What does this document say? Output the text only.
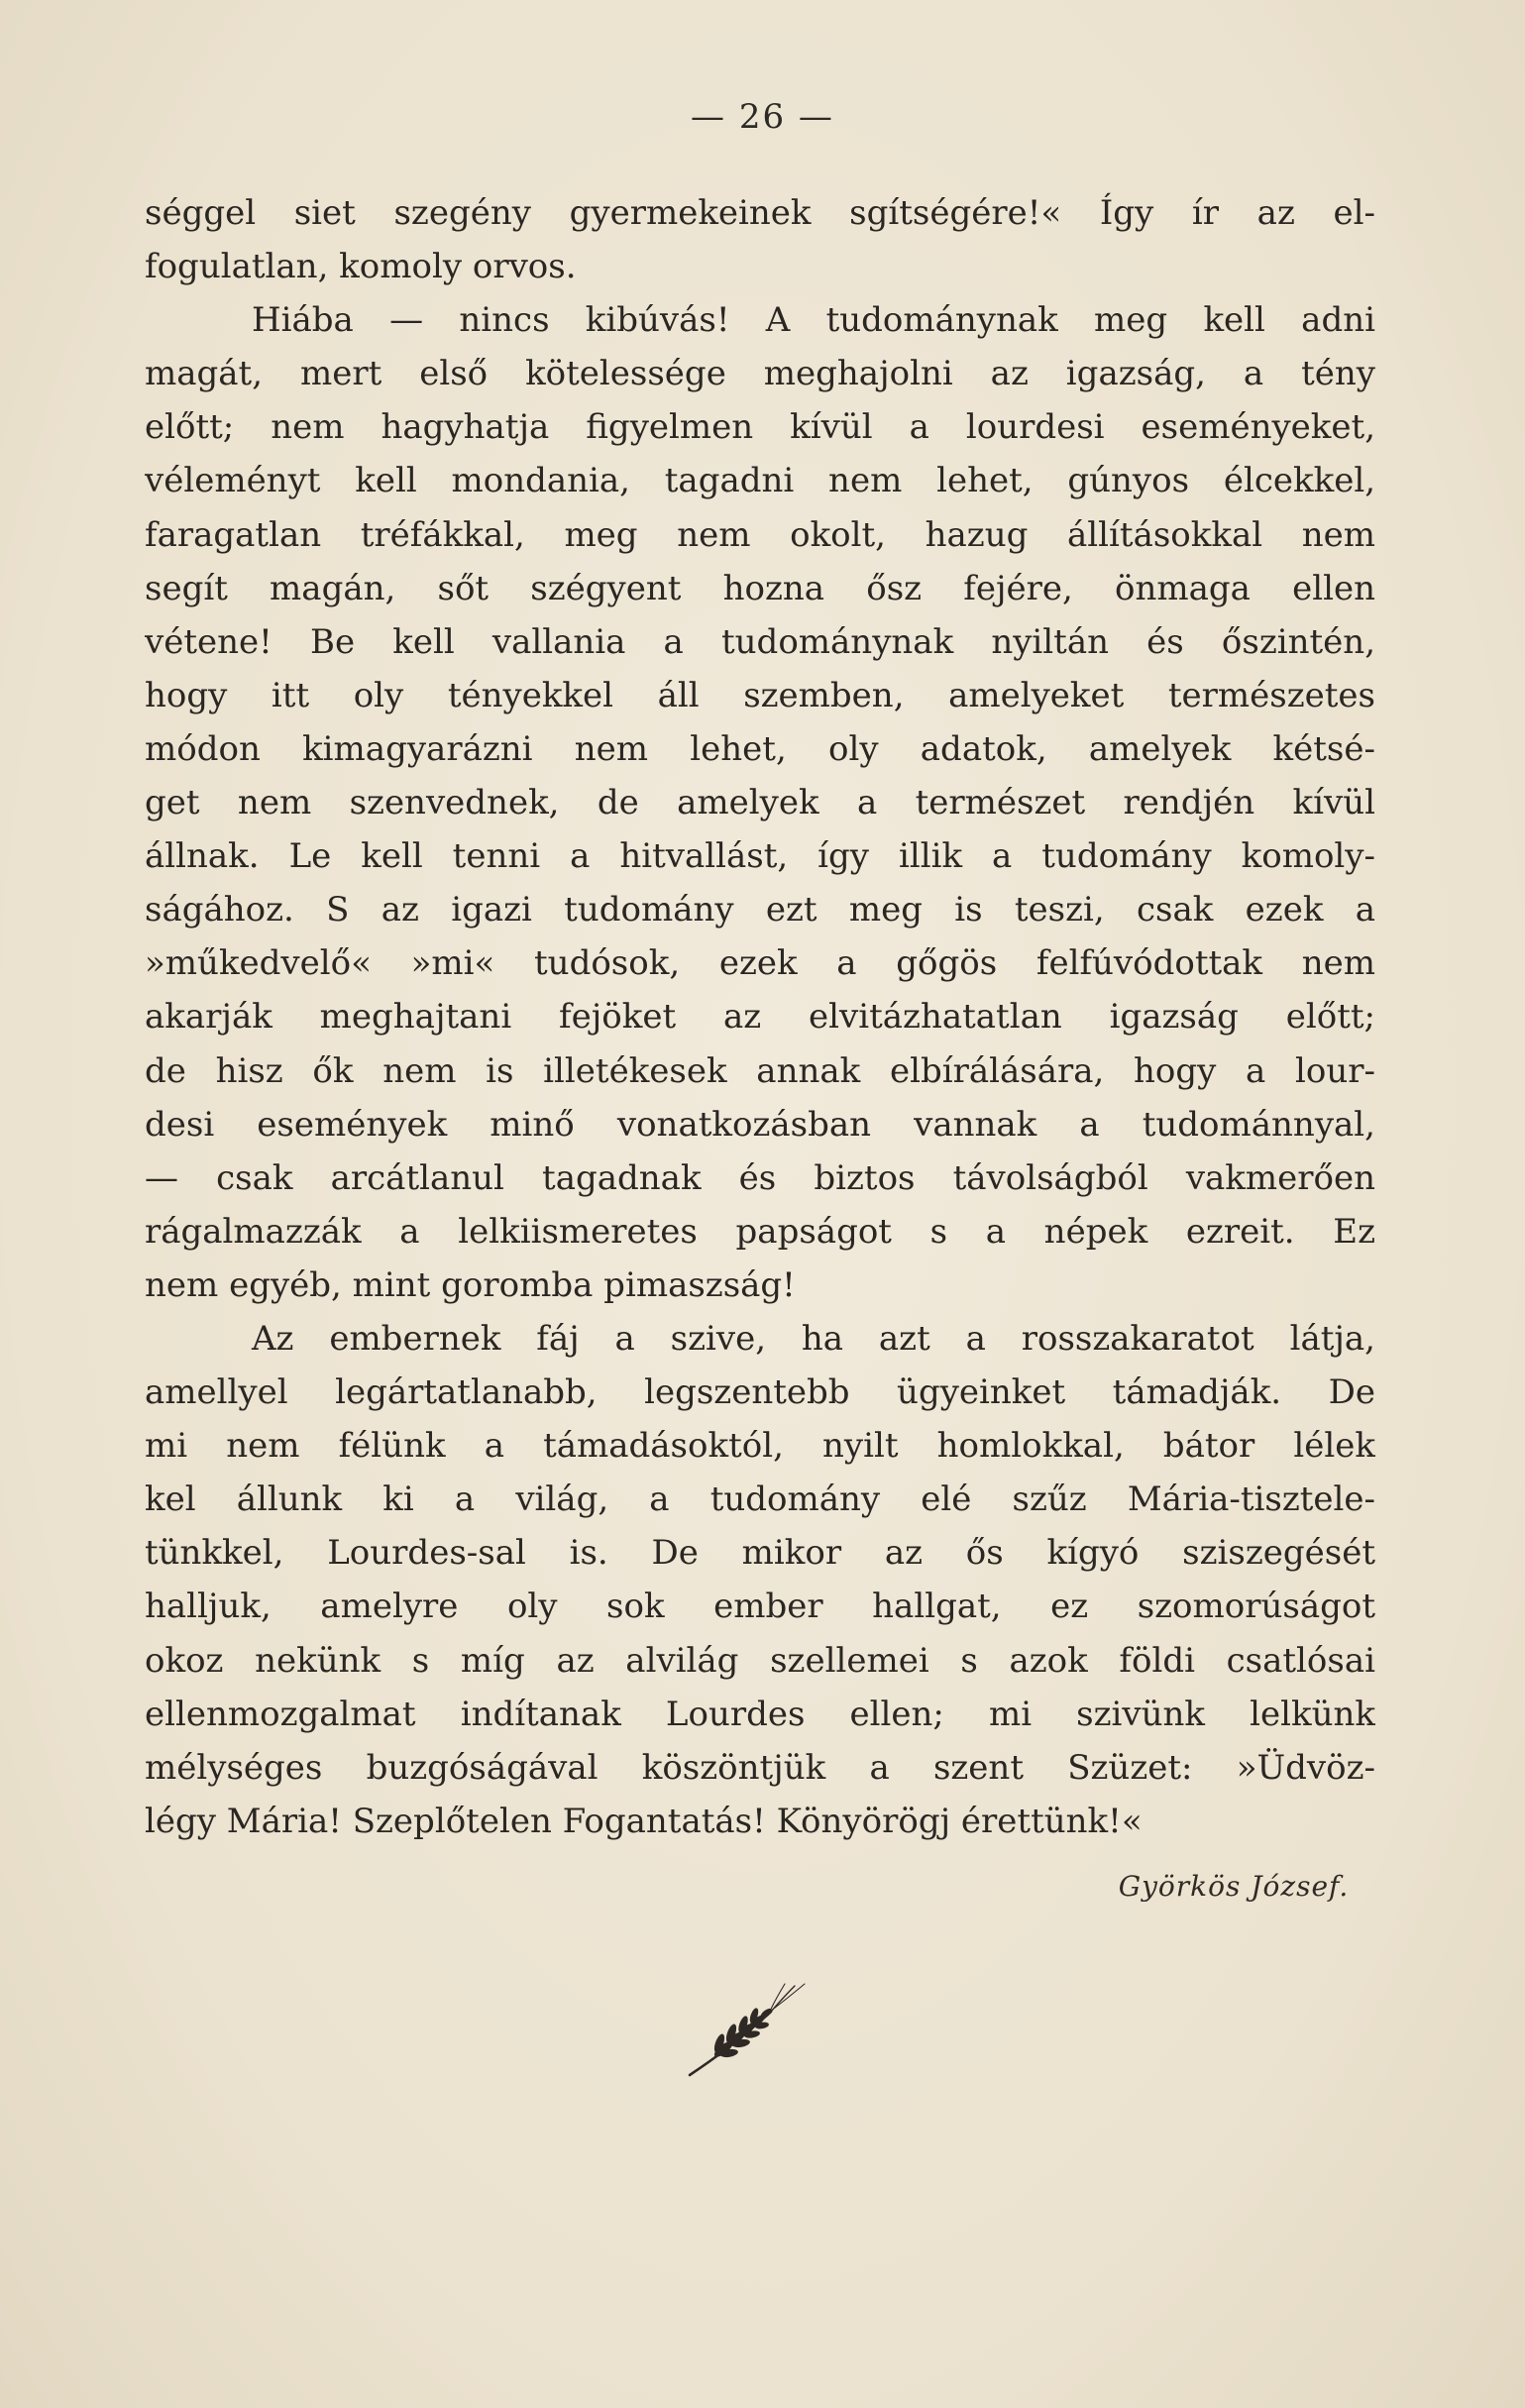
— 26 —
séggel siet szegény gyermekeinek sgítségére!« Így ír az el-
fogulatlan, komoly orvos.
Hiába — nincs kibúvás! A tudománynak meg kell adni
magát, mert első kötelessége meghajolni az igazság, a tény
előtt; nem hagyhatja figyelmen kívül a lourdesi eseményeket,
véleményt kell mondania, tagadni nem lehet, gúnyos élcekkel,
faragatlan tréfákkal, meg nem okolt, hazug állításokkal nem
segít magán, sőt szégyent hozna ősz fejére, önmaga ellen
vétene! Be kell vallania a tudománynak nyiltán és őszintén,
hogy itt oly tényekkel áll szemben, amelyeket természetes
módon kimagyarázni nem lehet, oly adatok, amelyek kétsé-
get nem szenvednek, de amelyek a természet rendjén kívül
állnak. Le kell tenni a hitvallást, így illik a tudomány komoly-
ságához. S az igazi tudomány ezt meg is teszi, csak ezek a
»műkedvelő« »mi« tudósok, ezek a gőgös felfúvódottak nem
akarják meghajtani fejöket az elvitázhatatlan igazság előtt;
de hisz ők nem is illetékesek annak elbírálására, hogy a lour-
desi események minő vonatkozásban vannak a tudománnyal,
— csak arcátlanul tagadnak és biztos távolságból vakmerően
rágalmazzák a lelkiismeretes papságot s a népek ezreit. Ez
nem egyéb, mint goromba pimaszság!
Az embernek fáj a szive, ha azt a rosszakaratot látja,
amellyel legártatlanabb, legszentebb ügyeinket támadják. De
mi nem félünk a támadásoktól, nyilt homlokkal, bátor lélek
kel állunk ki a világ, a tudomány elé szűz Mária-tisztele-
tünkkel, Lourdes-sal is. De mikor az ős kígyó sziszegését
halljuk, amelyre oly sok ember hallgat, ez szomorúságot
okoz nekünk s míg az alvilág szellemei s azok földi csatlósai
ellenmozgalmat indítanak Lourdes ellen; mi szivünk lelkünk
mélységes buzgóságával köszöntjük a szent Szüzet: »Üdvöz-
légy Mária! Szeplőtelen Fogantatás! Könyörögj érettünk!«
Györkös József.
